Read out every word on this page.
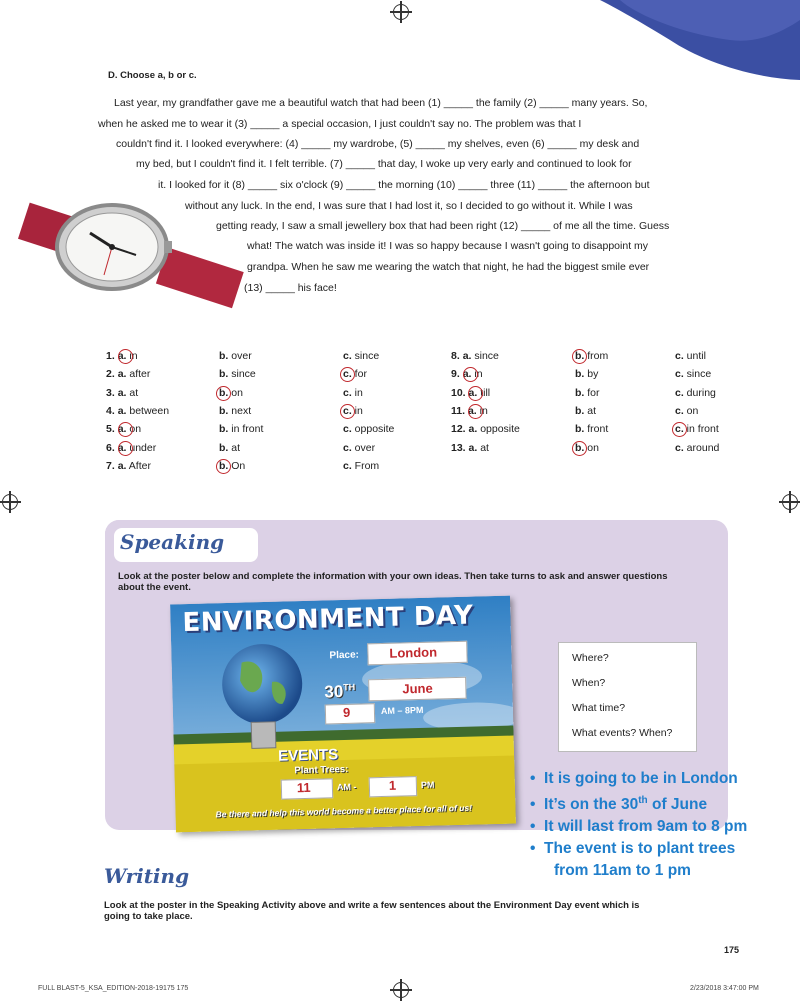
D. Choose a, b or c.
Last year, my grandfather gave me a beautiful watch that had been (1) _____ the family (2) _____ many years. So,
when he asked me to wear it (3) _____ a special occasion, I just couldn't say no. The problem was that I
couldn't find it. I looked everywhere: (4) _____ my wardrobe, (5) _____ my shelves, even (6) _____ my desk and
my bed, but I couldn't find it. I felt terrible. (7) _____ that day, I woke up very early and continued to look for
it. I looked for it (8) _____ six o'clock (9) _____ the morning (10) _____ three (11) _____ the afternoon but
without any luck. In the end, I was sure that I had lost it, so I decided to go without it. While I was
getting ready, I saw a small jewellery box that had been right (12) _____ of me all the time. Guess
what! The watch was inside it! I was so happy because I wasn't going to disappoint my
grandpa. When he saw me wearing the watch that night, he had the biggest smile ever
(13) _____ his face!
1. a. in	b. over	c. since
2. a. after	b. since	c. for
3. a. at	b. on	c. in
4. a. between	b. next	c. in
5. a. on	b. in front	c. opposite
6. a. under	b. at	c. over
7. a. After	b. On	c. From
8. a. since	b. from	c. until
9. a. in	b. by	c. since
10. a. till	b. for	c. during
11. a. in	b. at	c. on
12. a. opposite	b. front	c. in front
13. a. at	b. on	c. around
Speaking
Look at the poster below and complete the information with your own ideas. Then take turns to ask and answer questions
about the event.
ENVIRONMENT DAY
Place: London
30TH	June
9	AM – 8PM
EVENTS
Plant Trees:
11	AM - 1	PM
Be there and help this world become a better place for all of us!
Where?
When?
What time?
What events? When?
•  It is going to be in London
•  It’s on the 30th of June
•  It will last from 9am to 8 pm
•  The event is to plant trees
from 11am to 1 pm
Writing
Look at the poster in the Speaking Activity above and write a few sentences about the Environment Day event which is
going to take place.
175
FULL BLAST-5_KSA_EDITION-2018-19175 175	2/23/2018 3:47:00 PM
